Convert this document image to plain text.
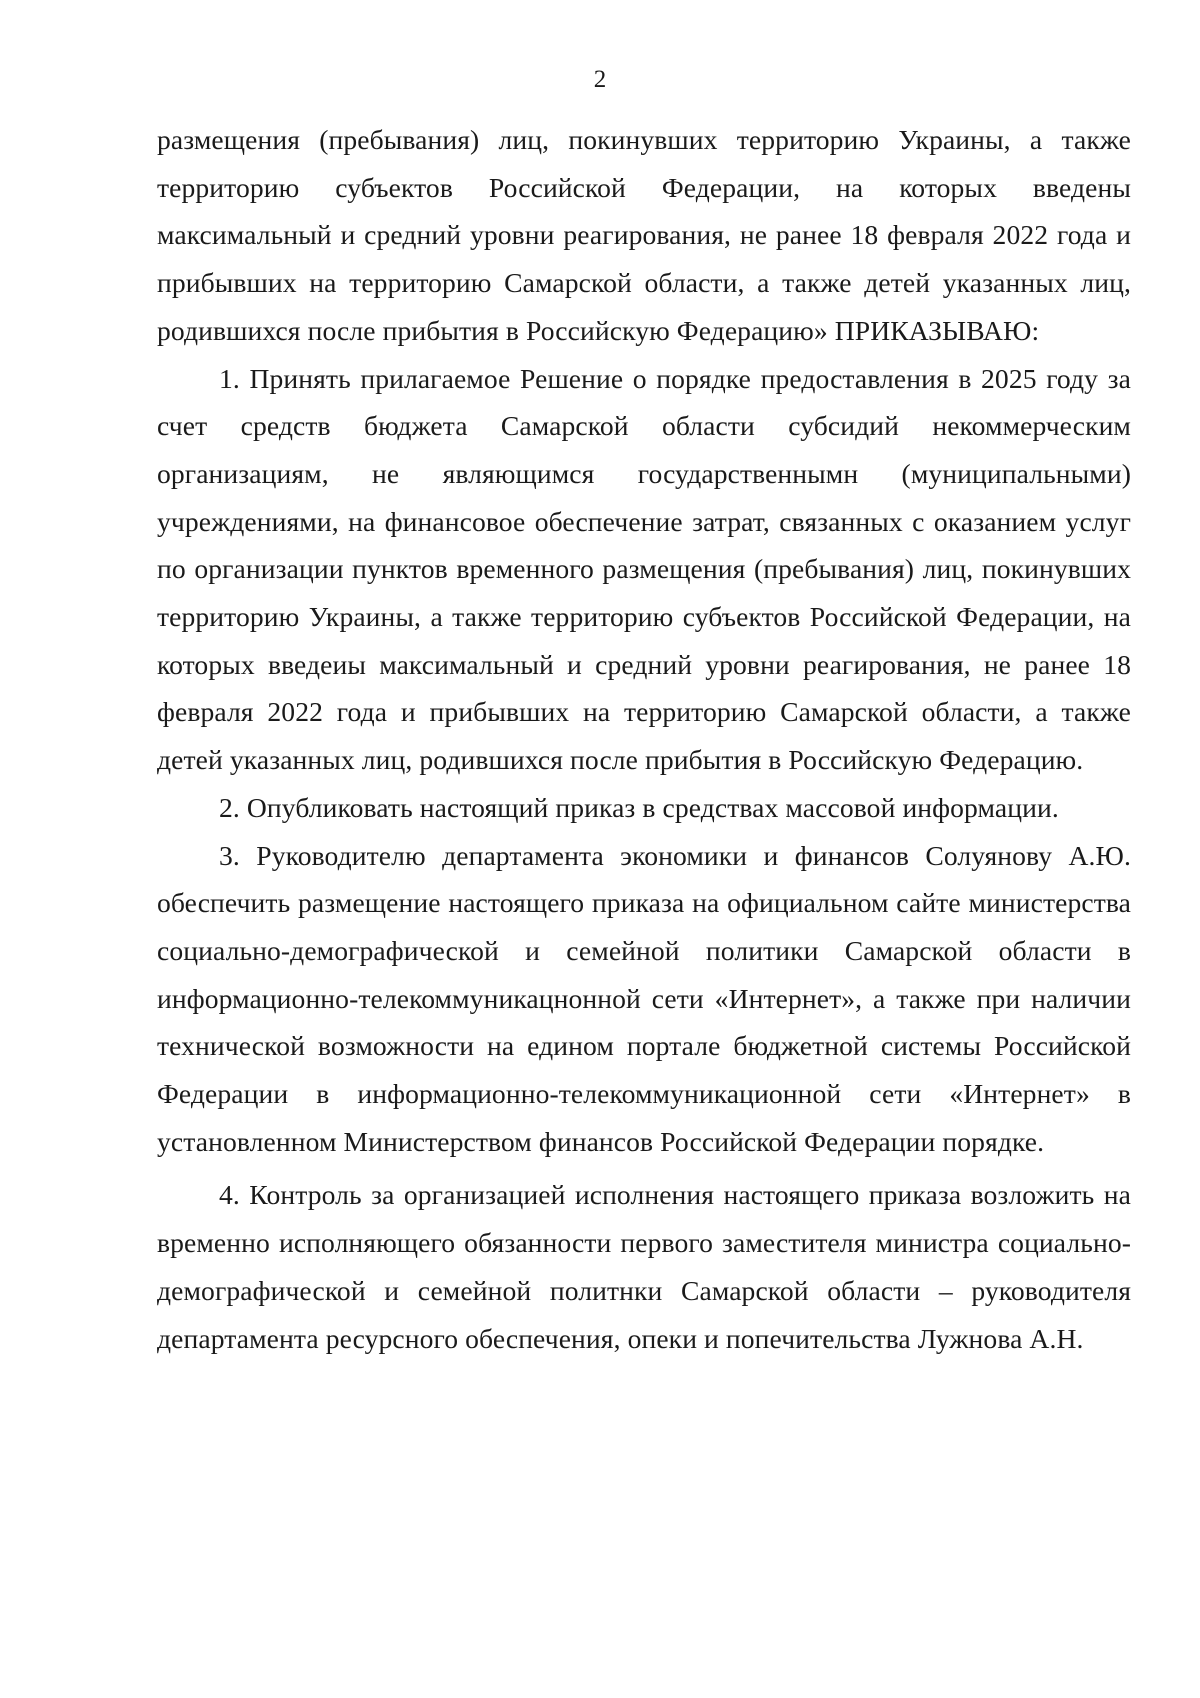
2

размещения (пребывания) лиц, покинувших территорию Украины, а также территорию субъектов Российской Федерации, на которых введены максимальный и средний уровни реагирования, не ранее 18 февраля 2022 года и прибывших на территорию Самарской области, а также детей указанных лиц, родившихся после прибытия в Российскую Федерацию» ПРИКАЗЫВАЮ:

1. Принять прилагаемое Решение о порядке предоставления в 2025 году за счет средств бюджета Самарской области субсидий некоммерческим организациям, не являющимся государственнымн (муниципальными) учреждениями, на финансовое обеспечение затрат, связанных с оказанием услуг по организации пунктов временного размещения (пребывания) лиц, покинувших территорию Украины, а также территорию субъектов Российской Федерации, на которых введеиы максимальный и средний уровни реагирования, не ранее 18 февраля 2022 года и прибывших на территорию Самарской области, а также детей указанных лиц, родившихся после прибытия в Российскую Федерацию.

2. Опубликовать настоящий приказ в средствах массовой информации.

3. Руководителю департамента экономики и финансов Солуянову А.Ю. обеспечить размещение настоящего приказа на официальном сайте министерства социально-демографической и семейной политики Самарской области в информационно-телекоммуникацнонной сети «Интернет», а также при наличии технической возможности на едином портале бюджетной системы Российской Федерации в информационно-телекоммуникационной сети «Интернет» в установленном Министерством финансов Российской Федерации порядке.

4. Контроль за организацией исполнения настоящего приказа возложить на временно исполняющего обязанности первого заместителя министра социально-демографической и семейной политнки Самарской области – руководителя департамента ресурсного обеспечения, опеки и попечительства Лужнова А.Н.
